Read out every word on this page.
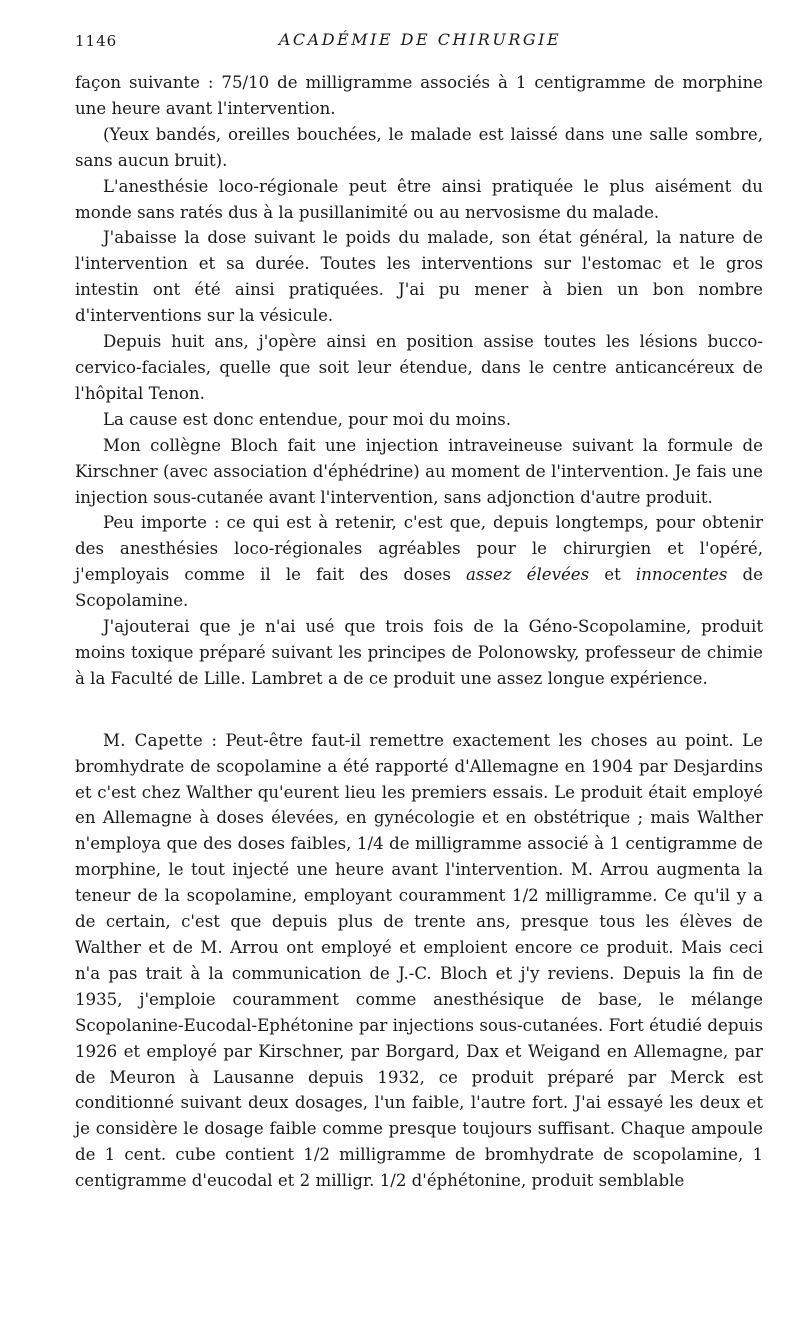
1146	ACADÉMIE DE CHIRURGIE

façon suivante : 75/10 de milligramme associés à 1 centigramme de morphine une heure avant l'intervention.

(Yeux bandés, oreilles bouchées, le malade est laissé dans une salle sombre, sans aucun bruit).

L'anesthésie loco-régionale peut être ainsi pratiquée le plus aisément du monde sans ratés dus à la pusillanimité ou au nervosisme du malade.

J'abaisse la dose suivant le poids du malade, son état général, la nature de l'intervention et sa durée. Toutes les interventions sur l'estomac et le gros intestin ont été ainsi pratiquées. J'ai pu mener à bien un bon nombre d'interventions sur la vésicule.

Depuis huit ans, j'opère ainsi en position assise toutes les lésions bucco-cervico-faciales, quelle que soit leur étendue, dans le centre anticancéreux de l'hôpital Tenon.

La cause est donc entendue, pour moi du moins.

Mon collègne Bloch fait une injection intraveineuse suivant la formule de Kirschner (avec association d'éphédrine) au moment de l'intervention. Je fais une injection sous-cutanée avant l'intervention, sans adjonction d'autre produit.

Peu importe : ce qui est à retenir, c'est que, depuis longtemps, pour obtenir des anesthésies loco-régionales agréables pour le chirurgien et l'opéré, j'employais comme il le fait des doses assez élevées et innocentes de Scopolamine.

J'ajouterai que je n'ai usé que trois fois de la Géno-Scopolamine, produit moins toxique préparé suivant les principes de Polonowsky, professeur de chimie à la Faculté de Lille. Lambret a de ce produit une assez longue expérience.

M. Capette : Peut-être faut-il remettre exactement les choses au point. Le bromhydrate de scopolamine a été rapporté d'Allemagne en 1904 par Desjardins et c'est chez Walther qu'eurent lieu les premiers essais. Le produit était employé en Allemagne à doses élevées, en gynécologie et en obstétrique ; mais Walther n'employa que des doses faibles, 1/4 de milligramme associé à 1 centigramme de morphine, le tout injecté une heure avant l'intervention. M. Arrou augmenta la teneur de la scopolamine, employant couramment 1/2 milligramme. Ce qu'il y a de certain, c'est que depuis plus de trente ans, presque tous les élèves de Walther et de M. Arrou ont employé et emploient encore ce produit. Mais ceci n'a pas trait à la communication de J.-C. Bloch et j'y reviens. Depuis la fin de 1935, j'emploie couramment comme anesthésique de base, le mélange Scopolanine-Eucodal-Ephétonine par injections sous-cutanées. Fort étudié depuis 1926 et employé par Kirschner, par Borgard, Dax et Weigand en Allemagne, par de Meuron à Lausanne depuis 1932, ce produit préparé par Merck est conditionné suivant deux dosages, l'un faible, l'autre fort. J'ai essayé les deux et je considère le dosage faible comme presque toujours suffisant. Chaque ampoule de 1 cent. cube contient 1/2 milligramme de bromhydrate de scopolamine, 1 centigramme d'eucodal et 2 milligr. 1/2 d'éphétonine, produit semblable
